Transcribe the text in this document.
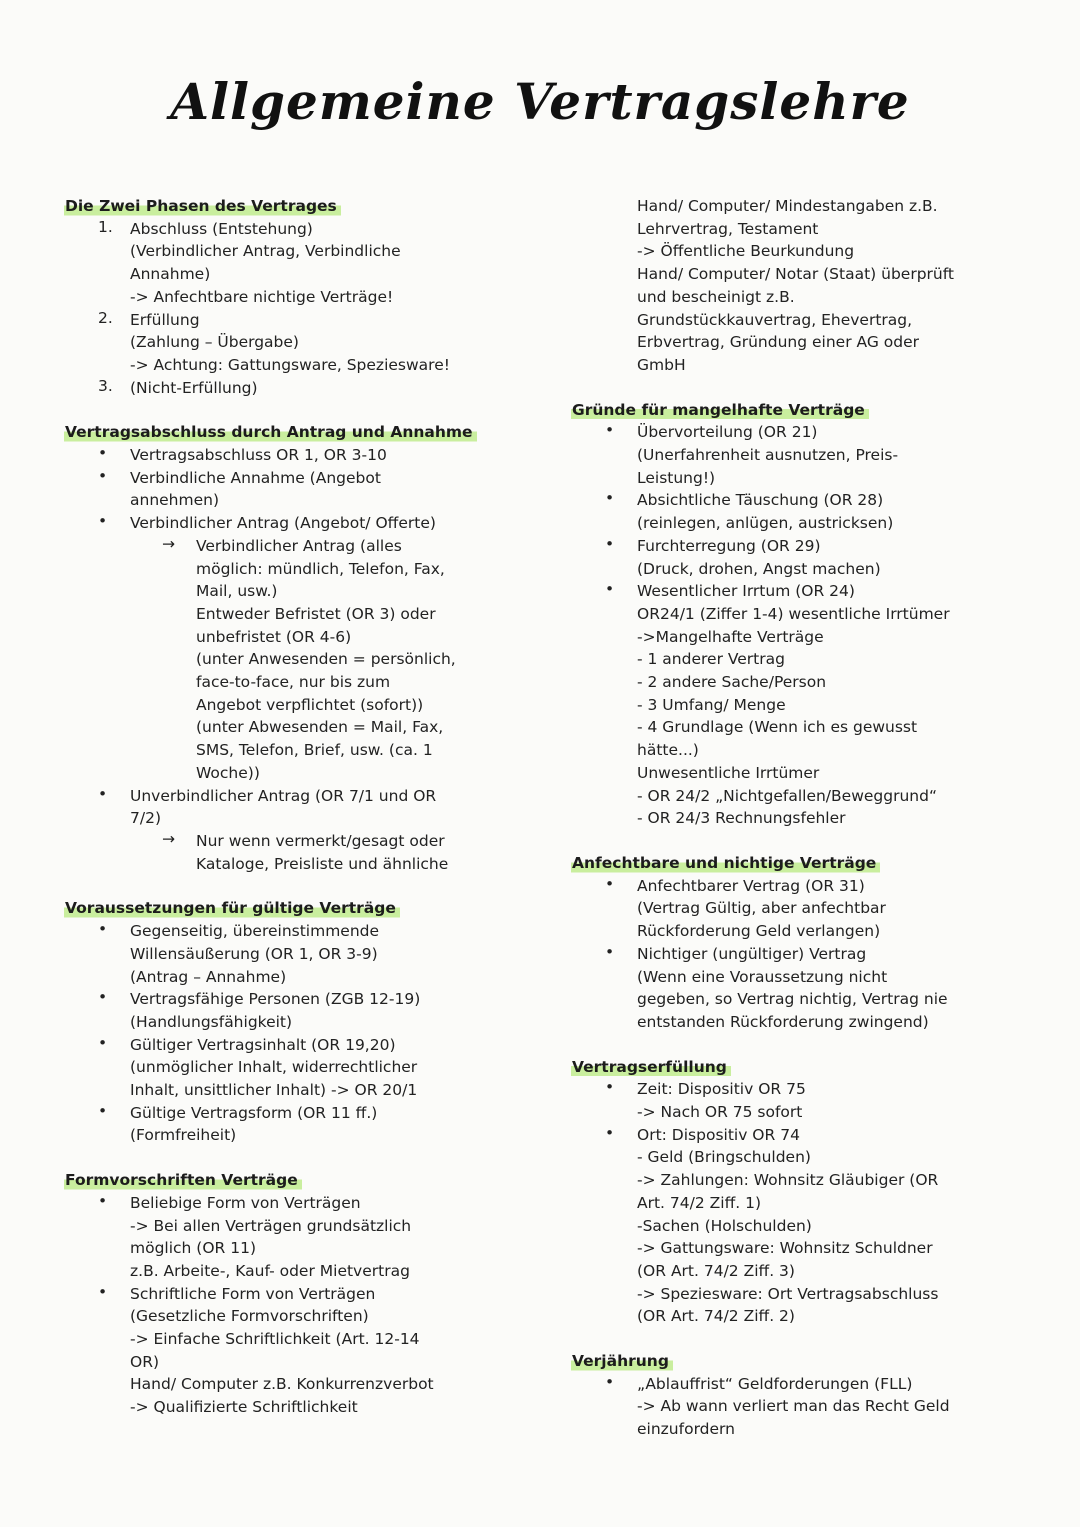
Allgemeine Vertragslehre
Die Zwei Phasen des Vertrages
1.	Abschluss (Entstehung)
(Verbindlicher Antrag, Verbindliche
Annahme)
-> Anfechtbare nichtige Verträge!
2.	Erfüllung
(Zahlung – Übergabe)
-> Achtung: Gattungsware, Speziesware!
3.	(Nicht-Erfüllung)
Vertragsabschluss durch Antrag und Annahme
•	Vertragsabschluss OR 1, OR 3-10
•	Verbindliche Annahme (Angebot
annehmen)
•	Verbindlicher Antrag (Angebot/ Offerte)
→	Verbindlicher Antrag (alles
möglich: mündlich, Telefon, Fax,
Mail, usw.)
Entweder Befristet (OR 3) oder
unbefristet (OR 4-6)
(unter Anwesenden = persönlich,
face-to-face, nur bis zum
Angebot verpflichtet (sofort))
(unter Abwesenden = Mail, Fax,
SMS, Telefon, Brief, usw. (ca. 1
Woche))
•	Unverbindlicher Antrag (OR 7/1 und OR
7/2)
→	Nur wenn vermerkt/gesagt oder
Kataloge, Preisliste und ähnliche
Voraussetzungen für gültige Verträge
•	Gegenseitig, übereinstimmende
Willensäußerung (OR 1, OR 3-9)
(Antrag – Annahme)
•	Vertragsfähige Personen (ZGB 12-19)
(Handlungsfähigkeit)
•	Gültiger Vertragsinhalt (OR 19,20)
(unmöglicher Inhalt, widerrechtlicher
Inhalt, unsittlicher Inhalt) -> OR 20/1
•	Gültige Vertragsform (OR 11 ff.)
(Formfreiheit)
Formvorschriften Verträge
•	Beliebige Form von Verträgen
-> Bei allen Verträgen grundsätzlich
möglich (OR 11)
z.B. Arbeite-, Kauf- oder Mietvertrag
•	Schriftliche Form von Verträgen
(Gesetzliche Formvorschriften)
-> Einfache Schriftlichkeit (Art. 12-14
OR)
Hand/ Computer z.B. Konkurrenzverbot
-> Qualifizierte Schriftlichkeit
Hand/ Computer/ Mindestangaben z.B.
Lehrvertrag, Testament
-> Öffentliche Beurkundung
Hand/ Computer/ Notar (Staat) überprüft
und bescheinigt z.B.
Grundstückkauvertrag, Ehevertrag,
Erbvertrag, Gründung einer AG oder
GmbH
Gründe für mangelhafte Verträge
•	Übervorteilung (OR 21)
(Unerfahrenheit ausnutzen, Preis-
Leistung!)
•	Absichtliche Täuschung (OR 28)
(reinlegen, anlügen, austricksen)
•	Furchterregung (OR 29)
(Druck, drohen, Angst machen)
•	Wesentlicher Irrtum (OR 24)
OR24/1 (Ziffer 1-4) wesentliche Irrtümer
->Mangelhafte Verträge
- 1 anderer Vertrag
- 2 andere Sache/Person
- 3 Umfang/ Menge
- 4 Grundlage (Wenn ich es gewusst
hätte...)
Unwesentliche Irrtümer
- OR 24/2 „Nichtgefallen/Beweggrund“
- OR 24/3 Rechnungsfehler
Anfechtbare und nichtige Verträge
•	Anfechtbarer Vertrag (OR 31)
(Vertrag Gültig, aber anfechtbar
Rückforderung Geld verlangen)
•	Nichtiger (ungültiger) Vertrag
(Wenn eine Voraussetzung nicht
gegeben, so Vertrag nichtig, Vertrag nie
entstanden Rückforderung zwingend)
Vertragserfüllung
•	Zeit: Dispositiv OR 75
-> Nach OR 75 sofort
•	Ort: Dispositiv OR 74
- Geld (Bringschulden)
-> Zahlungen: Wohnsitz Gläubiger (OR
Art. 74/2 Ziff. 1)
-Sachen (Holschulden)
-> Gattungsware: Wohnsitz Schuldner
(OR Art. 74/2 Ziff. 3)
-> Speziesware: Ort Vertragsabschluss
(OR Art. 74/2 Ziff. 2)
Verjährung
•	„Ablauffrist“ Geldforderungen (FLL)
-> Ab wann verliert man das Recht Geld
einzufordern
